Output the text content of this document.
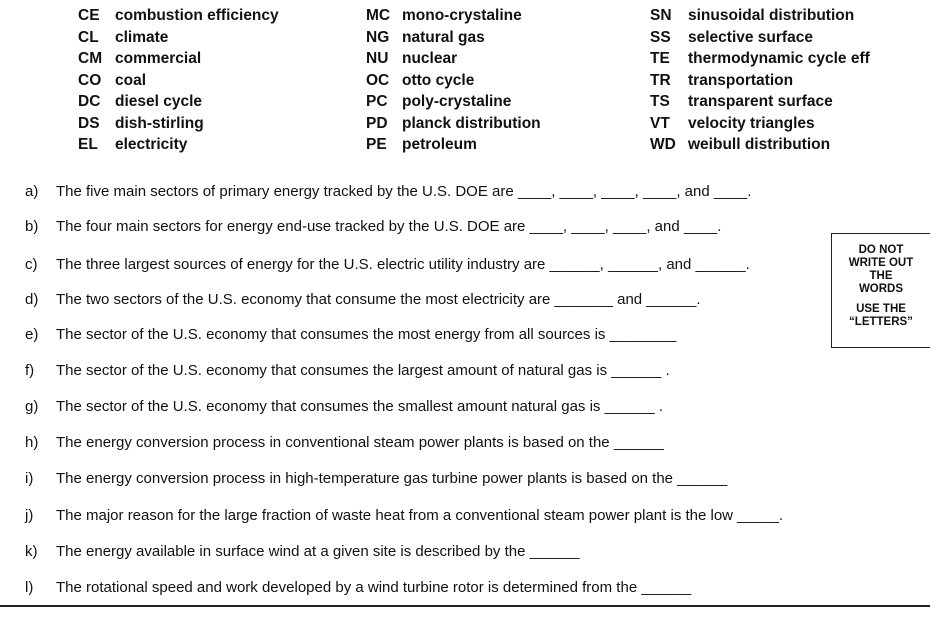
CE combustion efficiency
CL	climate
CM commercial
CO coal
DC diesel cycle
DS dish-stirling
EL	electricity
MC mono-crystaline
NG natural gas
NU nuclear
OC otto cycle
PC poly-crystaline
PD planck distribution
PE petroleum
SN	sinusoidal distribution
SS	selective surface
TE	thermodynamic cycle eff
TR	transportation
TS	transparent surface
VT	velocity triangles
WD weibull distribution
a) The five main sectors of primary energy tracked by the U.S. DOE are ____, ____, ____, ____, and ____.
b) The four main sectors for energy end-use tracked by the U.S. DOE are ____, ____, ____, and ____.
c) The three largest sources of energy for the U.S. electric utility industry are ______, ______, and ______.
d) The two sectors of the U.S. economy that consume the most electricity are _______ and ______.
e) The sector of the U.S. economy that consumes the most energy from all sources is ________
f) The sector of the U.S. economy that consumes the largest amount of natural gas is ______ .
g) The sector of the U.S. economy that consumes the smallest amount natural gas is ______ .
h) The energy conversion process in conventional steam power plants is based on the ______
i) The energy conversion process in high-temperature gas turbine power plants is based on the ______
j) The major reason for the large fraction of waste heat from a conventional steam power plant is the low _____.
k) The energy available in surface wind at a given site is described by the ______
l) The rotational speed and work developed by a wind turbine rotor is determined from the ______
DO NOT
WRITE OUT
THE
WORDS
USE THE
“LETTERS”
